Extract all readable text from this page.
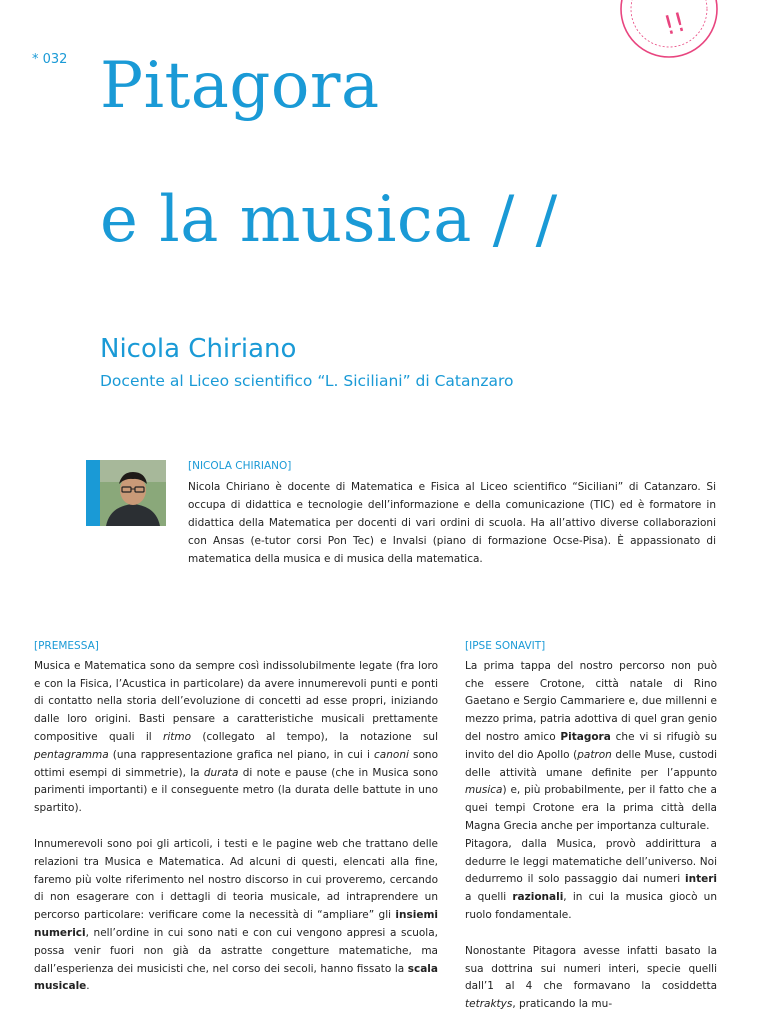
!!
* 032 Pitagora
e la musica / /
Nicola Chiriano
Docente al Liceo scientifico “L. Siciliani” di Catanzaro
[NICOLA CHIRIANO]
Nicola Chiriano è docente di Matematica e Fisica al Liceo scientifico “Siciliani” di Catanzaro. Si occupa di didattica e tecnologie dell’informazione e della comunicazione (TIC) ed è formatore in didattica della Matematica per docenti di vari ordini di scuola. Ha all’attivo diverse collaborazioni con Ansas (e-tutor corsi Pon Tec) e Invalsi (piano di formazione Ocse-Pisa). È appassionato di matematica della musica e di musica della matematica.
[PREMESSA]

Musica e Matematica sono da sempre così indissolubilmente legate (fra loro e con la Fisica, l’Acustica in particolare) da avere innumerevoli punti e ponti di contatto nella storia dell’evoluzione di concetti ad esse propri, iniziando dalle loro origini. Basti pensare a caratteristiche musicali prettamente compositive quali il ritmo (collegato al tempo), la notazione sul pentagramma (una rappresentazione grafica nel piano, in cui i canoni sono ottimi esempi di simmetrie), la durata di note e pause (che in Musica sono parimenti importanti) e il conseguente metro (la durata delle battute in uno spartito).

Innumerevoli sono poi gli articoli, i testi e le pagine web che trattano delle relazioni tra Musica e Matematica. Ad alcuni di questi, elencati alla fine, faremo più volte riferimento nel nostro discorso in cui proveremo, cercando di non esagerare con i dettagli di teoria musicale, ad intraprendere un percorso particolare: verificare come la necessità di “ampliare” gli insiemi numerici, nell’ordine in cui sono nati e con cui vengono appresi a scuola, possa venir fuori non già da astratte congetture matematiche, ma dall’esperienza dei musicisti che, nel corso dei secoli, hanno fissato la scala musicale.

[IPSE SONAVIT]

La prima tappa del nostro percorso non può che essere Crotone, città natale di Rino Gaetano e Sergio Cammariere e, due millenni e mezzo prima, patria adottiva di quel gran genio del nostro amico Pitagora che vi si rifugiò su invito del dio Apollo (patron delle Muse, custodi delle attività umane definite per l’appunto musica) e, più probabilmente, per il fatto che a quei tempi Crotone era la prima città della Magna Grecia anche per importanza culturale.

Pitagora, dalla Musica, provò addirittura a dedurre le leggi matematiche dell’universo. Noi dedurremo il solo passaggio dai numeri interi a quelli razionali, in cui la musica giocò un ruolo fondamentale.

Nonostante Pitagora avesse infatti basato la sua dottrina sui numeri interi, specie quelli dall’1 al 4 che formavano la cosiddetta tetraktys, praticando la mu-
